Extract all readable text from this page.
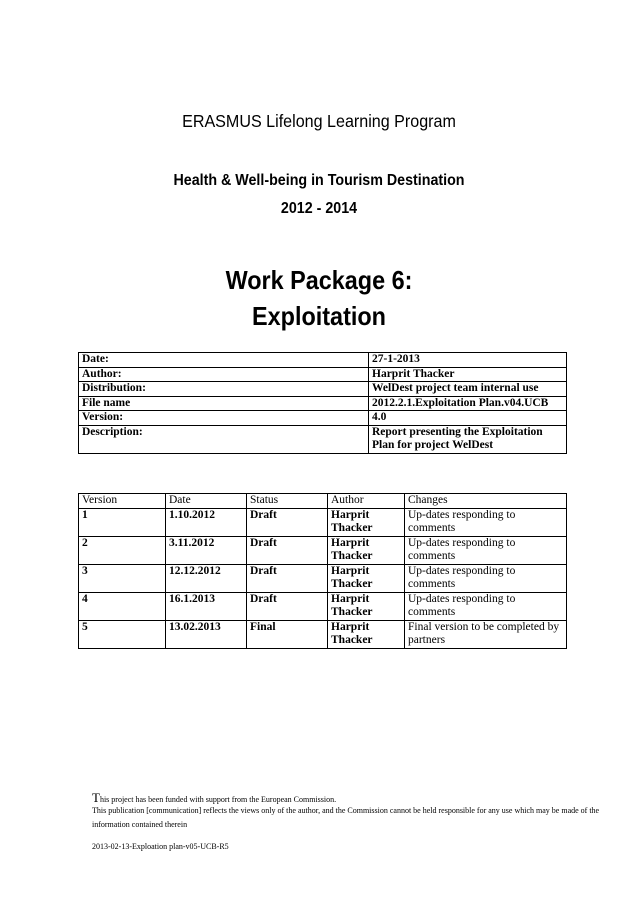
ERASMUS Lifelong Learning Program
Health & Well-being in Tourism Destination
2012 - 2014
Work Package 6:
Exploitation
Date:	27-1-2013
Author:	Harprit Thacker
Distribution:	WelDest project team internal use
File name	2012.2.1.Exploitation Plan.v04.UCB
Version:	4.0
Description:	Report presenting the Exploitation Plan for project WelDest
Version	Date	Status	Author	Changes
1	1.10.2012	Draft	Harprit Thacker	Up-dates responding to comments
2	3.11.2012	Draft	Harprit Thacker	Up-dates responding to comments
3	12.12.2012	Draft	Harprit Thacker	Up-dates responding to comments
4	16.1.2013	Draft	Harprit Thacker	Up-dates responding to comments
5	13.02.2013	Final	Harprit Thacker	Final version to be completed by partners
This project has been funded with support from the European Commission.
This publication [communication] reflects the views only of the author, and the Commission cannot be held responsible for any use which may be made of the information contained therein
2013-02-13-Exploation plan-v05-UCB-R5
